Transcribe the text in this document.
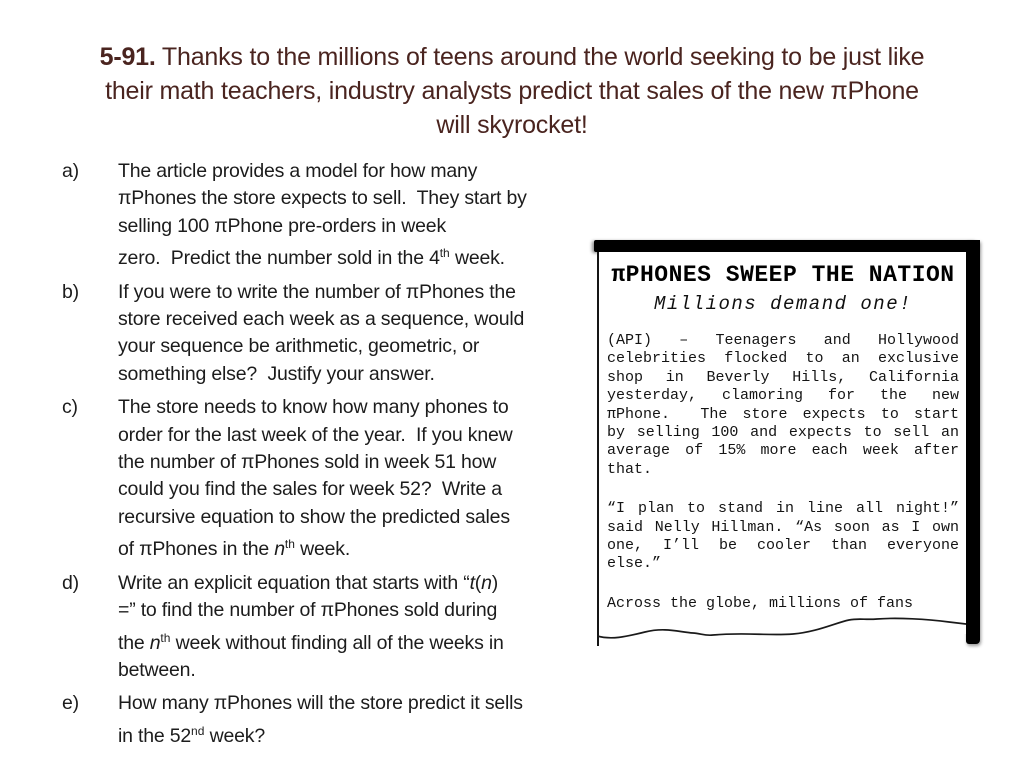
5-91. Thanks to the millions of teens around the world seeking to be just like
their math teachers, industry analysts predict that sales of the new πPhone
will skyrocket!
a)	The article provides a model for how many
πPhones the store expects to sell.  They start by
selling 100 πPhone pre-orders in week
zero.  Predict the number sold in the 4th week.
b)	If you were to write the number of πPhones the
store received each week as a sequence, would
your sequence be arithmetic, geometric, or
something else?  Justify your answer.
c)	The store needs to know how many phones to
order for the last week of the year.  If you knew
the number of πPhones sold in week 51 how
could you find the sales for week 52?  Write a
recursive equation to show the predicted sales
of πPhones in the $n^{th}$ week.
d)	Write an explicit equation that starts with “t(n)
=” to find the number of πPhones sold during
the $n^{th}$ week without finding all of the weeks in
between.
e)	How many πPhones will the store predict it sells
in the 52nd week?
πPHONES SWEEP THE NATION
Millions demand one!
(API) – Teenagers and Hollywood
celebrities flocked to an exclusive
shop in Beverly Hills, California
yesterday, clamoring for the new
πPhone.  The store expects to start
by selling 100 and expects to sell an
average of 15% more each week after
that.
“I plan to stand in line all night!”
said Nelly Hillman. “As soon as I own
one, I’ll be cooler than everyone
else.”
Across the globe, millions of fans
